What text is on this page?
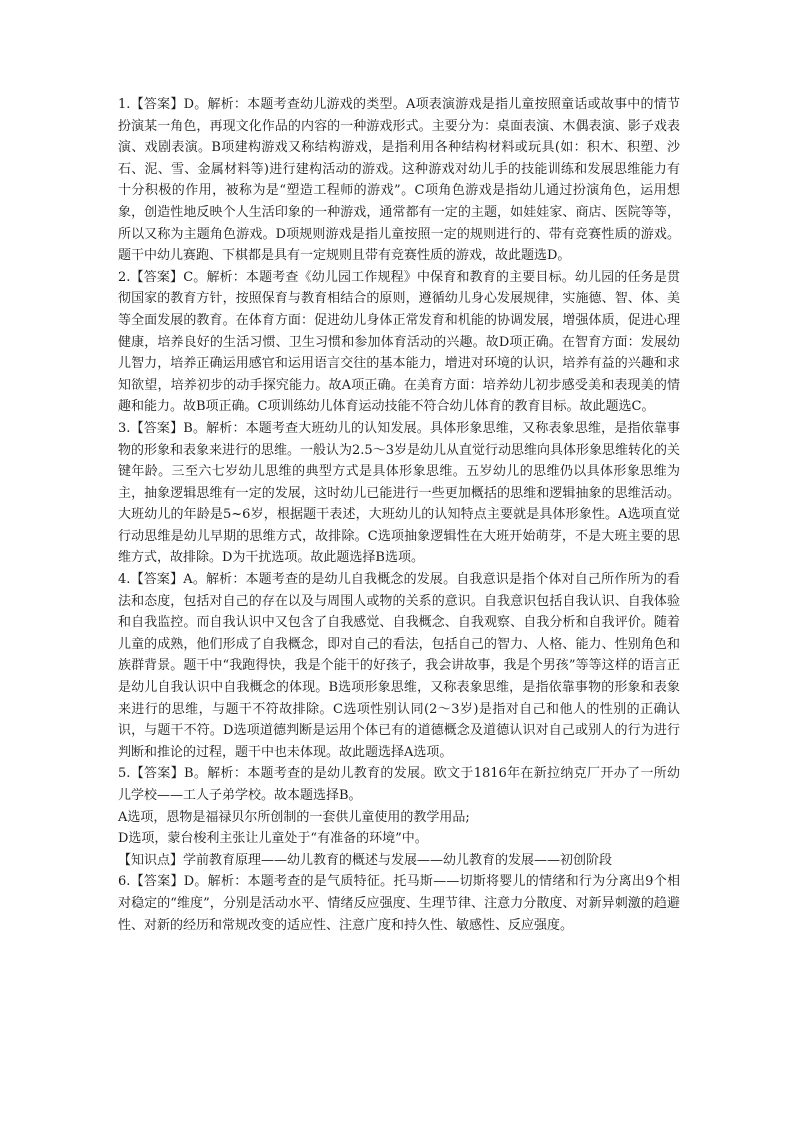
1.【答案】D。解析：本题考查幼儿游戏的类型。A项表演游戏是指儿童按照童话或故事中的情节扮演某一角色，再现文化作品的内容的一种游戏形式。主要分为：桌面表演、木偶表演、影子戏表演、戏剧表演。B项建构游戏又称结构游戏，是指利用各种结构材料或玩具(如：积木、积塑、沙石、泥、雪、金属材料等)进行建构活动的游戏。这种游戏对幼儿手的技能训练和发展思维能力有十分积极的作用，被称为是“塑造工程师的游戏”。C项角色游戏是指幼儿通过扮演角色，运用想象，创造性地反映个人生活印象的一种游戏，通常都有一定的主题，如娃娃家、商店、医院等等，所以又称为主题角色游戏。D项规则游戏是指儿童按照一定的规则进行的、带有竞赛性质的游戏。题干中幼儿赛跑、下棋都是具有一定规则且带有竞赛性质的游戏，故此题选D。

2.【答案】C。解析：本题考查《幼儿园工作规程》中保育和教育的主要目标。幼儿园的任务是贯彻国家的教育方针，按照保育与教育相结合的原则，遵循幼儿身心发展规律，实施德、智、体、美等全面发展的教育。在体育方面：促进幼儿身体正常发育和机能的协调发展，增强体质，促进心理健康，培养良好的生活习惯、卫生习惯和参加体育活动的兴趣。故D项正确。在智育方面：发展幼儿智力，培养正确运用感官和运用语言交往的基本能力，增进对环境的认识，培养有益的兴趣和求知欲望，培养初步的动手探究能力。故A项正确。在美育方面：培养幼儿初步感受美和表现美的情趣和能力。故B项正确。C项训练幼儿体育运动技能不符合幼儿体育的教育目标。故此题选C。

3.【答案】B。解析：本题考查大班幼儿的认知发展。具体形象思维，又称表象思维，是指依靠事物的形象和表象来进行的思维。一般认为2.5～3岁是幼儿从直觉行动思维向具体形象思维转化的关键年龄。三至六七岁幼儿思维的典型方式是具体形象思维。五岁幼儿的思维仍以具体形象思维为主，抽象逻辑思维有一定的发展，这时幼儿已能进行一些更加概括的思维和逻辑抽象的思维活动。大班幼儿的年龄是5~6岁，根据题干表述，大班幼儿的认知特点主要就是具体形象性。A选项直觉行动思维是幼儿早期的思维方式，故排除。C选项抽象逻辑性在大班开始萌芽，不是大班主要的思维方式，故排除。D为干扰选项。故此题选择B选项。

4.【答案】A。解析：本题考查的是幼儿自我概念的发展。自我意识是指个体对自己所作所为的看法和态度，包括对自己的存在以及与周围人或物的关系的意识。自我意识包括自我认识、自我体验和自我监控。而自我认识中又包含了自我感觉、自我概念、自我观察、自我分析和自我评价。随着儿童的成熟，他们形成了自我概念，即对自己的看法，包括自己的智力、人格、能力、性别角色和族群背景。题干中“我跑得快，我是个能干的好孩子，我会讲故事，我是个男孩”等等这样的语言正是幼儿自我认识中自我概念的体现。B选项形象思维，又称表象思维，是指依靠事物的形象和表象来进行的思维，与题干不符故排除。C选项性别认同(2～3岁)是指对自己和他人的性别的正确认识，与题干不符。D选项道德判断是运用个体已有的道德概念及道德认识对自己或别人的行为进行判断和推论的过程，题干中也未体现。故此题选择A选项。

5.【答案】B。解析：本题考查的是幼儿教育的发展。欧文于1816年在新拉纳克厂开办了一所幼儿学校——工人子弟学校。故本题选择B。

A选项，恩物是福禄贝尔所创制的一套供儿童使用的教学用品;

D选项，蒙台梭利主张让儿童处于“有准备的环境”中。

【知识点】学前教育原理——幼儿教育的概述与发展——幼儿教育的发展——初创阶段

6.【答案】D。解析：本题考查的是气质特征。托马斯——切斯将婴儿的情绪和行为分离出9个相对稳定的“维度”，分别是活动水平、情绪反应强度、生理节律、注意力分散度、对新异刺激的趋避性、对新的经历和常规改变的适应性、注意广度和持久性、敏感性、反应强度。
